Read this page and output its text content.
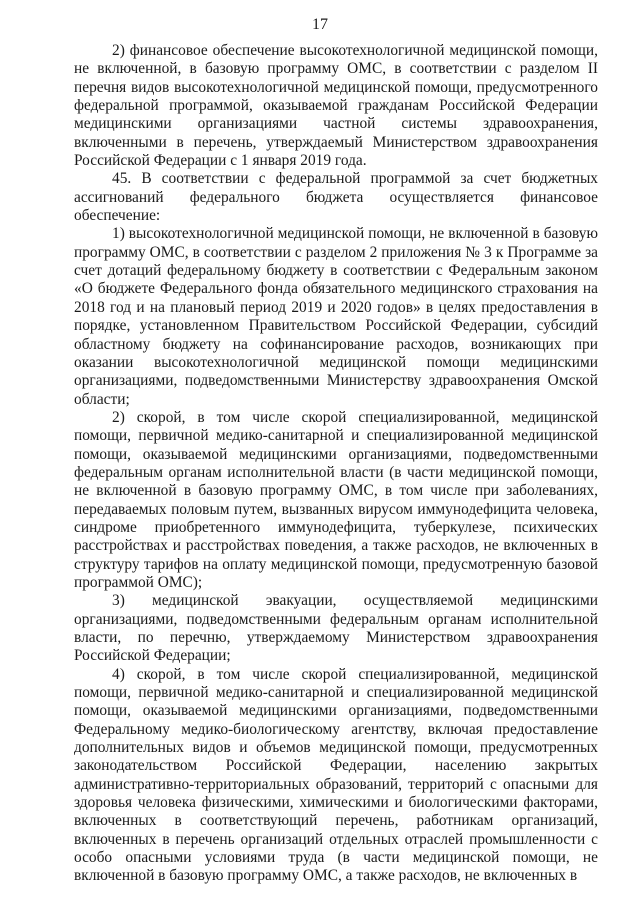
17

2) финансовое обеспечение высокотехнологичной медицинской помощи, не включенной, в базовую программу ОМС, в соответствии с разделом II перечня видов высокотехнологичной медицинской помощи, предусмотренного федеральной программой, оказываемой гражданам Российской Федерации медицинскими организациями частной системы здравоохранения, включенными в перечень, утверждаемый Министерством здравоохранения Российской Федерации с 1 января 2019 года.

45. В соответствии с федеральной программой за счет бюджетных ассигнований федерального бюджета осуществляется финансовое обеспечение:

1) высокотехнологичной медицинской помощи, не включенной в базовую программу ОМС, в соответствии с разделом 2 приложения № 3 к Программе за счет дотаций федеральному бюджету в соответствии с Федеральным законом «О бюджете Федерального фонда обязательного медицинского страхования на 2018 год и на плановый период 2019 и 2020 годов» в целях предоставления в порядке, установленном Правительством Российской Федерации, субсидий областному бюджету на софинансирование расходов, возникающих при оказании высокотехнологичной медицинской помощи медицинскими организациями, подведомственными Министерству здравоохранения Омской области;

2) скорой, в том числе скорой специализированной, медицинской помощи, первичной медико-санитарной и специализированной медицинской помощи, оказываемой медицинскими организациями, подведомственными федеральным органам исполнительной власти (в части медицинской помощи, не включенной в базовую программу ОМС, в том числе при заболеваниях, передаваемых половым путем, вызванных вирусом иммунодефицита человека, синдроме приобретенного иммунодефицита, туберкулезе, психических расстройствах и расстройствах поведения, а также расходов, не включенных в структуру тарифов на оплату медицинской помощи, предусмотренную базовой программой ОМС);

3) медицинской эвакуации, осуществляемой медицинскими организациями, подведомственными федеральным органам исполнительной власти, по перечню, утверждаемому Министерством здравоохранения Российской Федерации;

4) скорой, в том числе скорой специализированной, медицинской помощи, первичной медико-санитарной и специализированной медицинской помощи, оказываемой медицинскими организациями, подведомственными Федеральному медико-биологическому агентству, включая предоставление дополнительных видов и объемов медицинской помощи, предусмотренных законодательством Российской Федерации, населению закрытых административно-территориальных образований, территорий с опасными для здоровья человека физическими, химическими и биологическими факторами, включенных в соответствующий перечень, работникам организаций, включенных в перечень организаций отдельных отраслей промышленности с особо опасными условиями труда (в части медицинской помощи, не включенной в базовую программу ОМС, а также расходов, не включенных в
